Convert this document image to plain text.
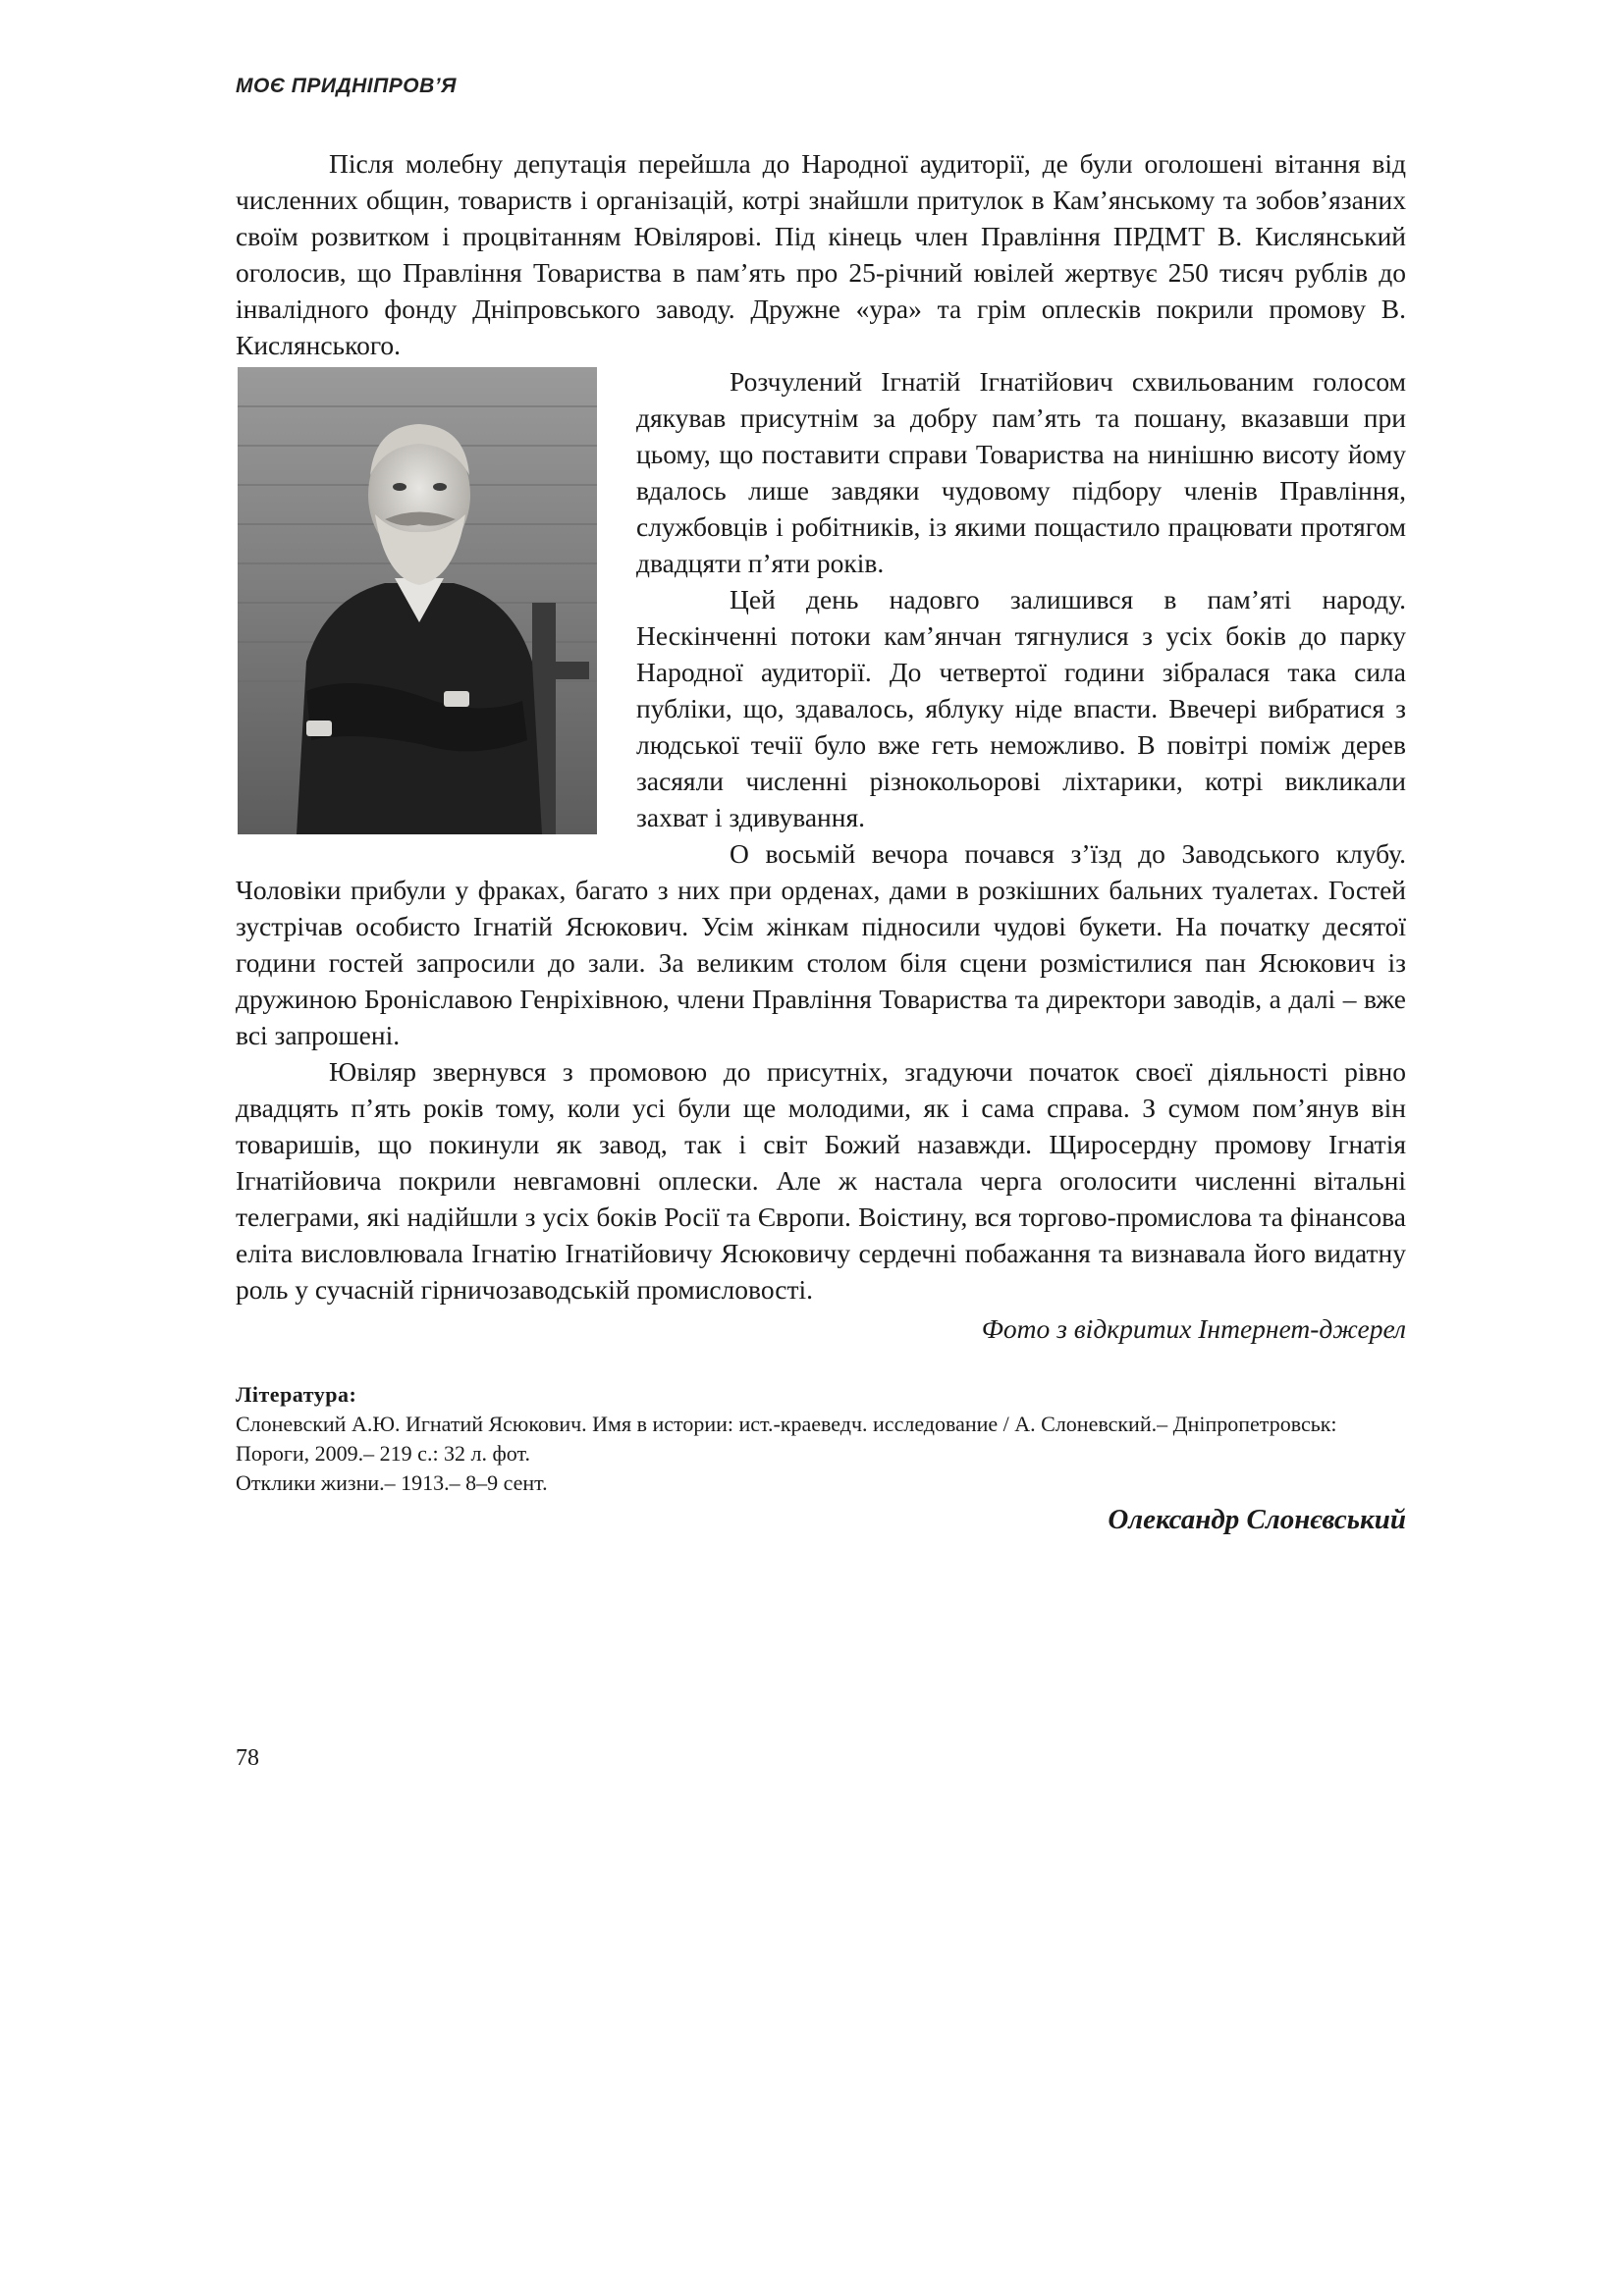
МОЄ ПРИДНІПРОВ’Я

Після молебну депутація перейшла до Народної аудиторії, де були оголошені вітання від численних общин, товариств і організацій, котрі знайшли притулок в Кам’янському та зобов’язаних своїм розвитком і процвітанням Ювілярові. Під кінець член Правління ПРДМТ В. Кислянський оголосив, що Правління Товариства в пам’ять про 25-річний ювілей жертвує 250 тисяч рублів до інвалідного фонду Дніпровського заводу. Дружне «ура» та грім оплесків покрили промову В. Кислянського.

Розчулений Ігнатій Ігнатійович схвильованим голосом дякував присутнім за добру пам’ять та пошану, вказавши при цьому, що поставити справи Товариства на нинішню висоту йому вдалось лише завдяки чудовому підбору членів Правління, службовців і робітників, із якими пощастило працювати протягом двадцяти п’яти років.

Цей день надовго залишився в пам’яті народу. Нескінченні потоки кам’янчан тягнулися з усіх боків до парку Народної аудиторії. До четвертої години зібралася така сила публіки, що, здавалось, яблуку ніде впасти. Ввечері вибратися з людської течії було вже геть неможливо. В повітрі поміж дерев засяяли численні різнокольорові ліхтарики, котрі викликали захват і здивування.

О восьмій вечора почався з’їзд до Заводського клубу. Чоловіки прибули у фраках, багато з них при орденах, дами в розкішних бальних туалетах. Гостей зустрічав особисто Ігнатій Ясюкович. Усім жінкам підносили чудові букети. На початку десятої години гостей запросили до зали. За великим столом біля сцени розмістилися пан Ясюкович із дружиною Броніславою Генріхівною, члени Правління Товариства та директори заводів, а далі – вже всі запрошені.

Ювіляр звернувся з промовою до присутніх, згадуючи початок своєї діяльності рівно двадцять п’ять років тому, коли усі були ще молодими, як і сама справа. З сумом пом’янув він товаришів, що покинули як завод, так і світ Божий назавжди. Щиросердну промову Ігнатія Ігнатійовича покрили невгамовні оплески. Але ж настала черга оголосити численні вітальні телеграми, які надійшли з усіх боків Росії та Європи. Воістину, вся торгово-промислова та фінансова еліта висловлювала Ігнатію Ігнатійовичу Ясюковичу сердечні побажання та визнавала його видатну роль у сучасній гірничозаводській промисловості.

Фото з відкритих Інтернет-джерел
Література:

Слоневский А.Ю. Игнатий Ясюкович. Имя в истории: ист.-краеведч. исследование / А. Слоневский.– Дніпропетровськ: Пороги, 2009.– 219 с.: 32 л. фот.

Отклики жизни.– 1913.– 8–9 сент.

Олександр Слонєвський
78
